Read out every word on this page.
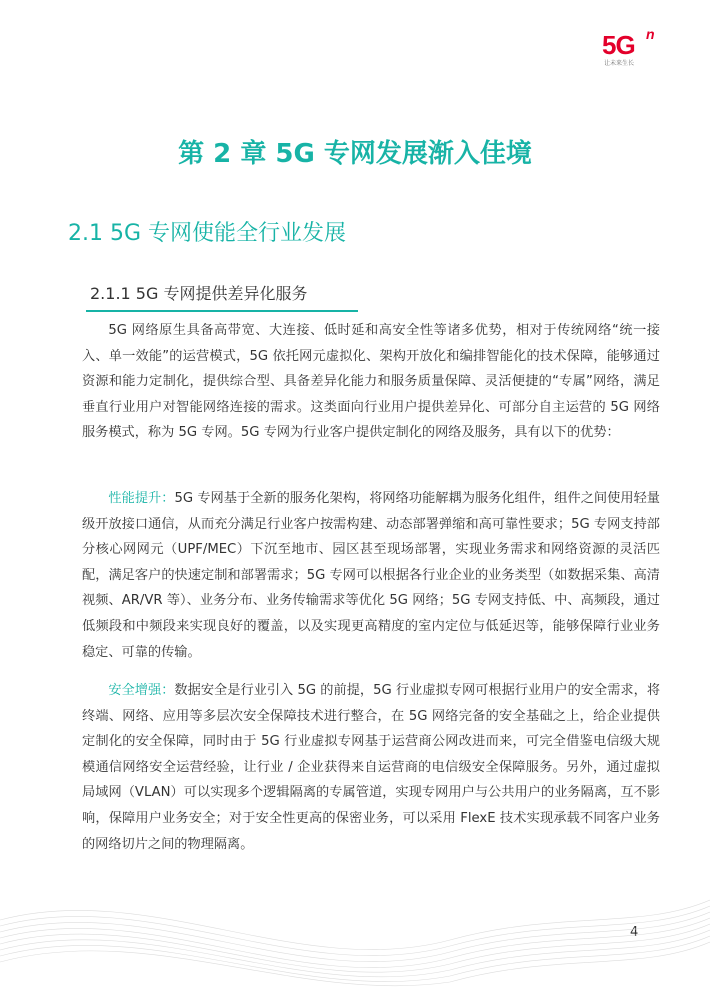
5G n
让未来生长
第 2 章 5G 专网发展渐入佳境
2.1 5G 专网使能全行业发展
2.1.1 5G 专网提供差异化服务

5G 网络原生具备高带宽、大连接、低时延和高安全性等诸多优势，相对于传统网络“统一接入、单一效能”的运营模式，5G 依托网元虚拟化、架构开放化和编排智能化的技术保障，能够通过资源和能力定制化，提供综合型、具备差异化能力和服务质量保障、灵活便捷的“专属”网络，满足垂直行业用户对智能网络连接的需求。这类面向行业用户提供差异化、可部分自主运营的 5G 网络服务模式，称为 5G 专网。5G 专网为行业客户提供定制化的网络及服务，具有以下的优势：

性能提升：5G 专网基于全新的服务化架构，将网络功能解耦为服务化组件，组件之间使用轻量级开放接口通信，从而充分满足行业客户按需构建、动态部署弹缩和高可靠性要求；5G 专网支持部分核心网网元（UPF/MEC）下沉至地市、园区甚至现场部署，实现业务需求和网络资源的灵活匹配，满足客户的快速定制和部署需求；5G 专网可以根据各行业企业的业务类型（如数据采集、高清视频、AR/VR 等）、业务分布、业务传输需求等优化 5G 网络；5G 专网支持低、中、高频段，通过低频段和中频段来实现良好的覆盖，以及实现更高精度的室内定位与低延迟等，能够保障行业业务稳定、可靠的传输。

安全增强：数据安全是行业引入 5G 的前提，5G 行业虚拟专网可根据行业用户的安全需求，将终端、网络、应用等多层次安全保障技术进行整合，在 5G 网络完备的安全基础之上，给企业提供定制化的安全保障，同时由于 5G 行业虚拟专网基于运营商公网改进而来，可完全借鉴电信级大规模通信网络安全运营经验，让行业 / 企业获得来自运营商的电信级安全保障服务。另外，通过虚拟局域网（VLAN）可以实现多个逻辑隔离的专属管道，实现专网用户与公共用户的业务隔离，互不影响，保障用户业务安全；对于安全性更高的保密业务，可以采用 FlexE 技术实现承载不同客户业务的网络切片之间的物理隔离。

4
